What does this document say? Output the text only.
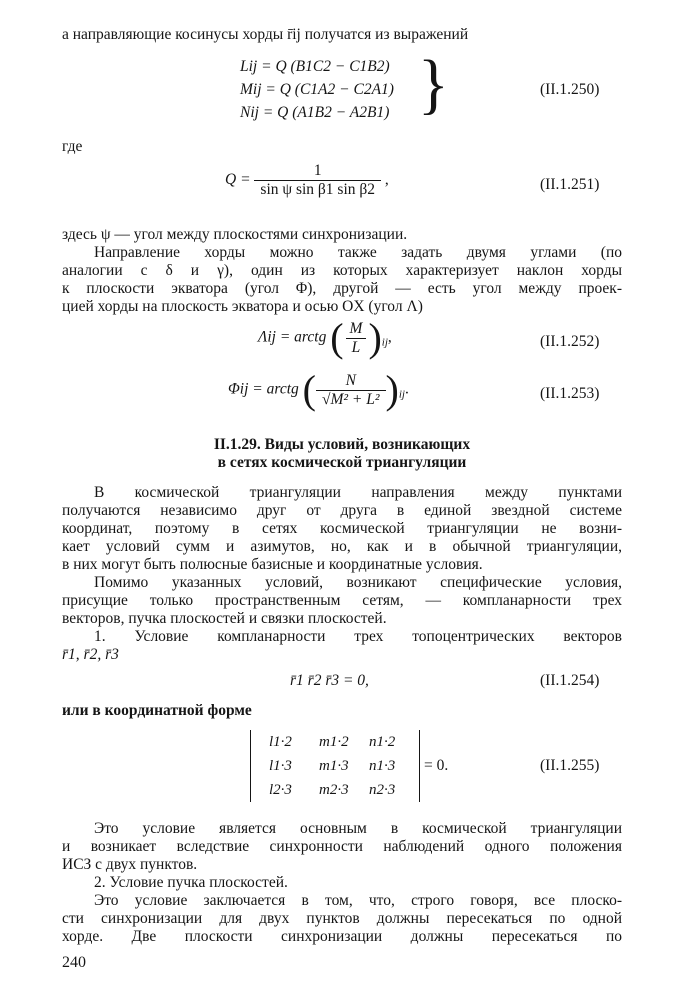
а направляющие косинусы хорды r̄ij получатся из выражений

Lij = Q (B1C2 − C1B2)
Mij = Q (C1A2 − C2A1)
Nij = Q (A1B2 − A2B1) }	(II.1.250)
где
$Q = \frac{1}{\text{sin ψ sin β1 sin β2}}$ ,	(II.1.251)

здесь ψ — угол между плоскостями синхронизации.

Направление хорды можно также задать двумя углами (по

аналогии с δ и γ), один из которых характеризует наклон хорды

к плоскости экватора (угол Φ), другой — есть угол между проек-

цией хорды на плоскость экватора и осью OX (угол Λ)

Λij = arctg ( $\frac{M}{L} )_{ij}$,	(II.1.252)
Φij = arctg ( $\frac{N}{\text{√M² + L²}} )_{ij}$.	(II.1.253)
II.1.29. Виды условий, возникающих
в сетях космической триангуляции

В космической триангуляции направления между пунктами

получаются независимо друг от друга в единой звездной системе

координат, поэтому в сетях космической триангуляции не возни-

кает условий сумм и азимутов, но, как и в обычной триангуляции,

в них могут быть полюсные базисные и координатные условия.

Помимо указанных условий, возникают специфические условия,

присущие только пространственным сетям, — компланарности трех

векторов, пучка плоскостей и связки плоскостей.

1. Условие компланарности трех топоцентрических векторов

r̄1, r̄2, r̄3

r̄1 r̄2 r̄3 = 0,	(II.1.254)

или в координатной форме

l1·2 m1·2 n1·2
l1·3 m1·3 n1·3
l2·3 m2·3 n2·3
= 0.	(II.1.255)

Это условие является основным в космической триангуляции

и возникает вследствие синхронности наблюдений одного положения

ИСЗ с двух пунктов.

2. Условие пучка плоскостей.

Это условие заключается в том, что, строго говоря, все плоско-

сти синхронизации для двух пунктов должны пересекаться по одной

хорде. Две плоскости синхронизации должны пересекаться по

240
